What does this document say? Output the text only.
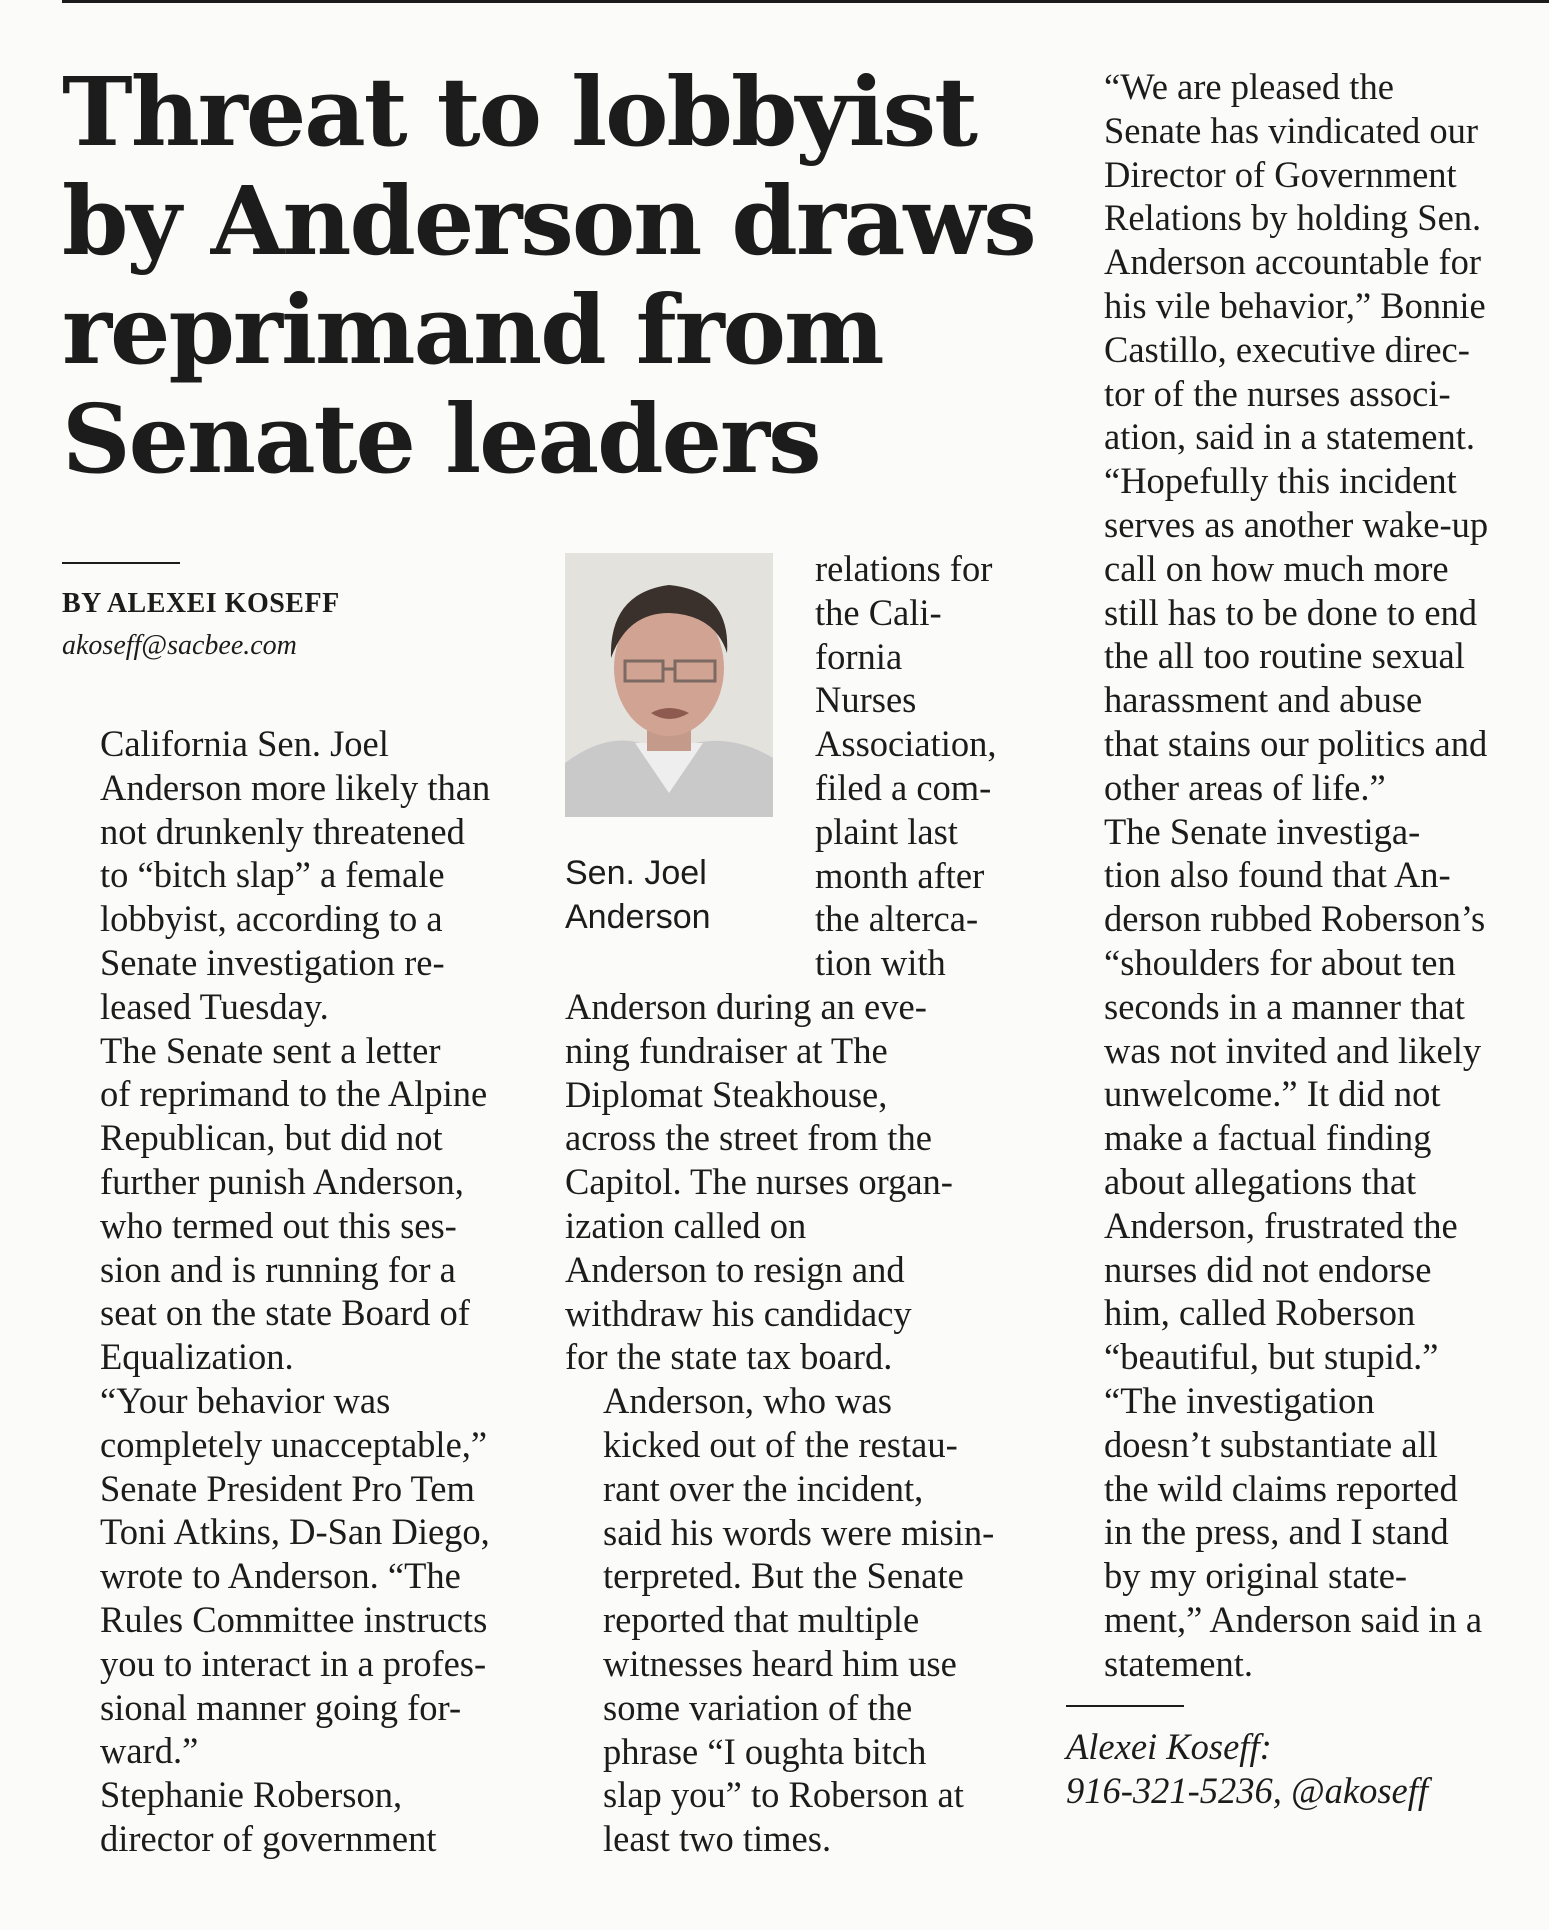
Threat to lobbyist
by Anderson draws
reprimand from
Senate leaders
BY ALEXEI KOSEFF
akoseff@sacbee.com

California Sen. Joel
Anderson more likely than
not drunkenly threatened
to “bitch slap” a female
lobbyist, according to a
Senate investigation re-
leased Tuesday.

The Senate sent a letter
of reprimand to the Alpine
Republican, but did not
further punish Anderson,
who termed out this ses-
sion and is running for a
seat on the state Board of
Equalization.

“Your behavior was
completely unacceptable,”
Senate President Pro Tem
Toni Atkins, D-San Diego,
wrote to Anderson. “The
Rules Committee instructs
you to interact in a profes-
sional manner going for-
ward.”

Stephanie Roberson,
director of government

Sen. Joel
Anderson

relations for
the Cali-
fornia
Nurses
Association,
filed a com-
plaint last
month after
the alterca-
tion with

Anderson during an eve-
ning fundraiser at The
Diplomat Steakhouse,
across the street from the
Capitol. The nurses organ-
ization called on
Anderson to resign and
withdraw his candidacy
for the state tax board.

Anderson, who was
kicked out of the restau-
rant over the incident,
said his words were misin-
terpreted. But the Senate
reported that multiple
witnesses heard him use
some variation of the
phrase “I oughta bitch
slap you” to Roberson at
least two times.

“We are pleased the
Senate has vindicated our
Director of Government
Relations by holding Sen.
Anderson accountable for
his vile behavior,” Bonnie
Castillo, executive direc-
tor of the nurses associ-
ation, said in a statement.
“Hopefully this incident
serves as another wake-up
call on how much more
still has to be done to end
the all too routine sexual
harassment and abuse
that stains our politics and
other areas of life.”

The Senate investiga-
tion also found that An-
derson rubbed Roberson’s
“shoulders for about ten
seconds in a manner that
was not invited and likely
unwelcome.” It did not
make a factual finding
about allegations that
Anderson, frustrated the
nurses did not endorse
him, called Roberson
“beautiful, but stupid.”

“The investigation
doesn’t substantiate all
the wild claims reported
in the press, and I stand
by my original state-
ment,” Anderson said in a
statement.

Alexei Koseff:
916-321-5236, @akoseff
